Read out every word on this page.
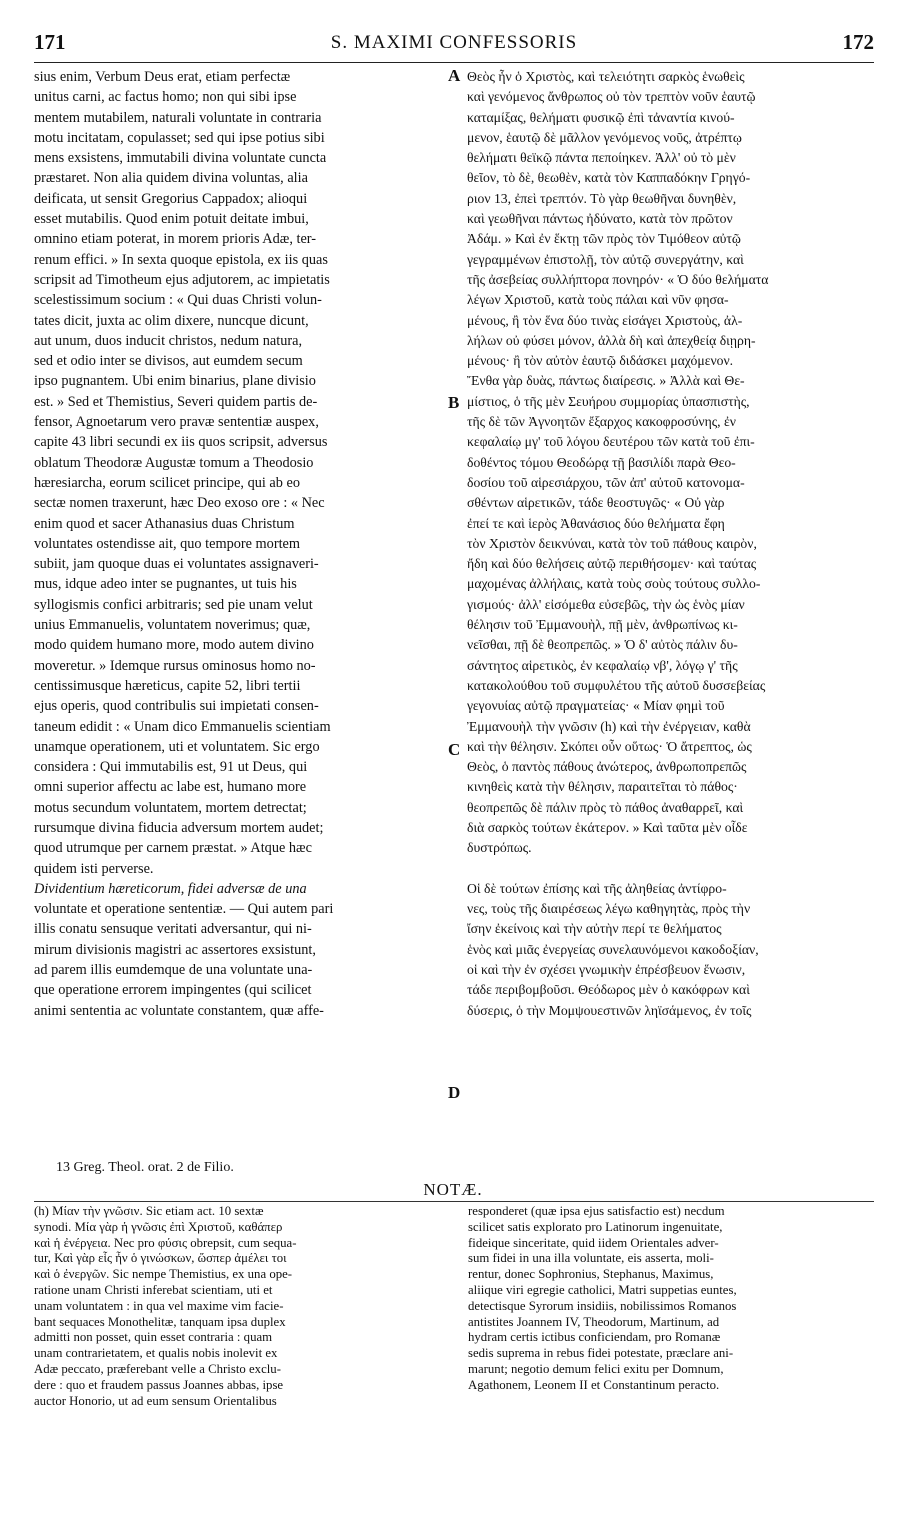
171	S. MAXIMI CONFESSORIS	172

sius enim, Verbum Deus erat, etiam perfectæ

unitus carni, ac factus homo; non qui sibi ipse

mentem mutabilem, naturali voluntate in contraria

motu incitatam, copulasset; sed qui ipse potius sibi

mens exsistens, immutabili divina voluntate cuncta

præstaret. Non alia quidem divina voluntas, alia

deificata, ut sensit Gregorius Cappadox; alioqui

esset mutabilis. Quod enim potuit deitate imbui,

omnino etiam poterat, in morem prioris Adæ, ter-

renum effici. » In sexta quoque epistola, ex iis quas

scripsit ad Timotheum ejus adjutorem, ac impietatis

scelestissimum socium : « Qui duas Christi volun-

tates dicit, juxta ac olim dixere, nuncque dicunt,

aut unum, duos inducit christos, nedum natura,

sed et odio inter se divisos, aut eumdem secum

ipso pugnantem. Ubi enim binarius, plane divisio

est. » Sed et Themistius, Severi quidem partis de-

fensor, Agnoetarum vero pravæ sententiæ auspex,

capite 43 libri secundi ex iis quos scripsit, adversus

oblatum Theodoræ Augustæ tomum a Theodosio

hæresiarcha, eorum scilicet principe, qui ab eo

sectæ nomen traxerunt, hæc Deo exoso ore : « Nec

enim quod et sacer Athanasius duas Christum

voluntates ostendisse ait, quo tempore mortem

subiit, jam quoque duas ei voluntates assignaveri-

mus, idque adeo inter se pugnantes, ut tuis his

syllogismis confici arbitraris; sed pie unam velut

unius Emmanuelis, voluntatem noverimus; quæ,

modo quidem humano more, modo autem divino

moveretur. » Idemque rursus ominosus homo no-

centissimusque hæreticus, capite 52, libri tertii

ejus operis, quod contribulis sui impietati consen-

taneum edidit : « Unam dico Emmanuelis scientiam

unamque operationem, uti et voluntatem. Sic ergo

considera : Qui immutabilis est, 91 ut Deus, qui

omni superior affectu ac labe est, humano more

motus secundum voluntatem, mortem detrectat;

rursumque divina fiducia adversum mortem audet;

quod utrumque per carnem præstat. » Atque hæc

quidem isti perverse.

Dividentium hæreticorum, fidei adversæ de una

voluntate et operatione sententiæ. — Qui autem pari

illis conatu sensuque veritati adversantur, qui ni-

mirum divisionis magistri ac assertores exsistunt,

ad parem illis eumdemque de una voluntate una-

que operatione errorem impingentes (qui scilicet

animi sententia ac voluntate constantem, quæ affe-

Θεὸς ἦν ὁ Χριστὸς, καὶ τελειότητι σαρκὸς ἑνωθεὶς

καὶ γενόμενος ἄνθρωπος οὐ τὸν τρεπτὸν νοῦν ἑαυτῷ

καταμίξας, θελήματι φυσικῷ ἐπὶ τἀναντία κινού-

μενον, ἑαυτῷ δὲ μᾶλλον γενόμενος νοῦς, ἀτρέπτῳ

θελήματι θεϊκῷ πάντα πεποίηκεν. Ἀλλ' οὐ τὸ μὲν

θεῖον, τὸ δὲ, θεωθὲν, κατὰ τὸν Καππαδόκην Γρηγό-

ριον 13, ἐπεὶ τρεπτόν. Τὸ γὰρ θεωθῆναι δυνηθὲν,

καὶ γεωθῆναι πάντως ἠδύνατο, κατὰ τὸν πρῶτον

Ἀδάμ. » Καὶ ἐν ἕκτῃ τῶν πρὸς τὸν Τιμόθεον αὐτῷ

γεγραμμένων ἐπιστολῇ, τὸν αὐτῷ συνεργάτην, καὶ

τῆς ἀσεβείας συλλήπτορα πονηρόν· « Ὁ δύο θελήματα

λέγων Χριστοῦ, κατὰ τοὺς πάλαι καὶ νῦν φησα-

μένους, ἢ τὸν ἕνα δύο τινὰς εἰσάγει Χριστοὺς, ἀλ-

λήλων οὐ φύσει μόνον, ἀλλὰ δὴ καὶ ἀπεχθείᾳ διῃρη-

μένους· ἢ τὸν αὐτὸν ἑαυτῷ διδάσκει μαχόμενον.

Ἔνθα γὰρ δυὰς, πάντως διαίρεσις. » Ἀλλὰ καὶ Θε-

μίστιος, ὁ τῆς μὲν Σευήρου συμμορίας ὑπασπιστὴς,

τῆς δὲ τῶν Ἀγνοητῶν ἔξαρχος κακοφροσύνης, ἐν

κεφαλαίῳ μγ' τοῦ λόγου δευτέρου τῶν κατὰ τοῦ ἐπι-

δοθέντος τόμου Θεοδώρᾳ τῇ βασιλίδι παρὰ Θεο-

δοσίου τοῦ αἱρεσιάρχου, τῶν ἀπ' αὐτοῦ κατονομα-

σθέντων αἱρετικῶν, τάδε θεοστυγῶς· « Οὐ γὰρ

ἐπεί τε καὶ ἱερὸς Ἀθανάσιος δύο θελήματα ἔφη

τὸν Χριστὸν δεικνύναι, κατὰ τὸν τοῦ πάθους καιρὸν,

ἤδη καὶ δύο θελήσεις αὐτῷ περιθήσομεν· καὶ ταύτας

μαχομένας ἀλλήλαις, κατὰ τοὺς σοὺς τούτους συλλο-

γισμούς· ἀλλ' εἰσόμεθα εὐσεβῶς, τὴν ὡς ἑνὸς μίαν

θέλησιν τοῦ Ἐμμανουὴλ, πῇ μὲν, ἀνθρωπίνως κι-

νεῖσθαι, πῇ δὲ θεοπρεπῶς. » Ὁ δ' αὐτὸς πάλιν δυ-

σάντητος αἱρετικὸς, ἐν κεφαλαίῳ νβ', λόγῳ γ' τῆς

κατακολούθου τοῦ συμφυλέτου τῆς αὐτοῦ δυσσεβείας

γεγονυίας αὐτῷ πραγματείας· « Μίαν φημὶ τοῦ

Ἐμμανουὴλ τὴν γνῶσιν (h) καὶ τὴν ἐνέργειαν, καθὰ

καὶ τὴν θέλησιν. Σκόπει οὖν οὕτως· Ὁ ἄτρεπτος, ὡς

Θεὸς, ὁ παντὸς πάθους ἀνώτερος, ἀνθρωποπρεπῶς

κινηθεὶς κατὰ τὴν θέλησιν, παραιτεῖται τὸ πάθος·

θεοπρεπῶς δὲ πάλιν πρὸς τὸ πάθος ἀναθαρρεῖ, καὶ

διὰ σαρκὸς τούτων ἑκάτερον. » Καὶ ταῦτα μὲν οἶδε

δυστρόπως.

Οἱ δὲ τούτων ἐπίσης καὶ τῆς ἀληθείας ἀντίφρο-

νες, τοὺς τῆς διαιρέσεως λέγω καθηγητὰς, πρὸς τὴν

ἴσην ἐκείνοις καὶ τὴν αὐτὴν περί τε θελήματος

ἑνὸς καὶ μιᾶς ἐνεργείας συνελαυνόμενοι κακοδοξίαν,

οἱ καὶ τὴν ἐν σχέσει γνωμικὴν ἐπρέσβευον ἕνωσιν,

τάδε περιβομβοῦσι. Θεόδωρος μὲν ὁ κακόφρων καὶ

δύσερις, ὁ τὴν Μομψουεστινῶν ληϊσάμενος, ἐν τοῖς

A
B
C
D
13 Greg. Theol. orat. 2 de Filio.
NOTÆ.

(h) Μίαν τὴν γνῶσιν. Sic etiam act. 10 sextæ

synodi. Μία γὰρ ἡ γνῶσις ἐπὶ Χριστοῦ, καθάπερ

καὶ ἡ ἐνέργεια. Nec pro φύσις obrepsit, cum sequa-

tur, Καὶ γὰρ εἷς ἦν ὁ γινώσκων, ὥσπερ ἀμέλει τοι

καὶ ὁ ἐνεργῶν. Sic nempe Themistius, ex una ope-

ratione unam Christi inferebat scientiam, uti et

unam voluntatem : in qua vel maxime vim facie-

bant sequaces Monothelitæ, tanquam ipsa duplex

admitti non posset, quin esset contraria : quam

unam contrarietatem, et qualis nobis inolevit ex

Adæ peccato, præferebant velle a Christo exclu-

dere : quo et fraudem passus Joannes abbas, ipse

auctor Honorio, ut ad eum sensum Orientalibus

responderet (quæ ipsa ejus satisfactio est) necdum

scilicet satis explorato pro Latinorum ingenuitate,

fideique sinceritate, quid iidem Orientales adver-

sum fidei in una illa voluntate, eis asserta, moli-

rentur, donec Sophronius, Stephanus, Maximus,

aliique viri egregie catholici, Matri suppetias euntes,

detectisque Syrorum insidiis, nobilissimos Romanos

antistites Joannem IV, Theodorum, Martinum, ad

hydram certis ictibus conficiendam, pro Romanæ

sedis suprema in rebus fidei potestate, præclare ani-

marunt; negotio demum felici exitu per Domnum,

Agathonem, Leonem II et Constantinum peracto.
